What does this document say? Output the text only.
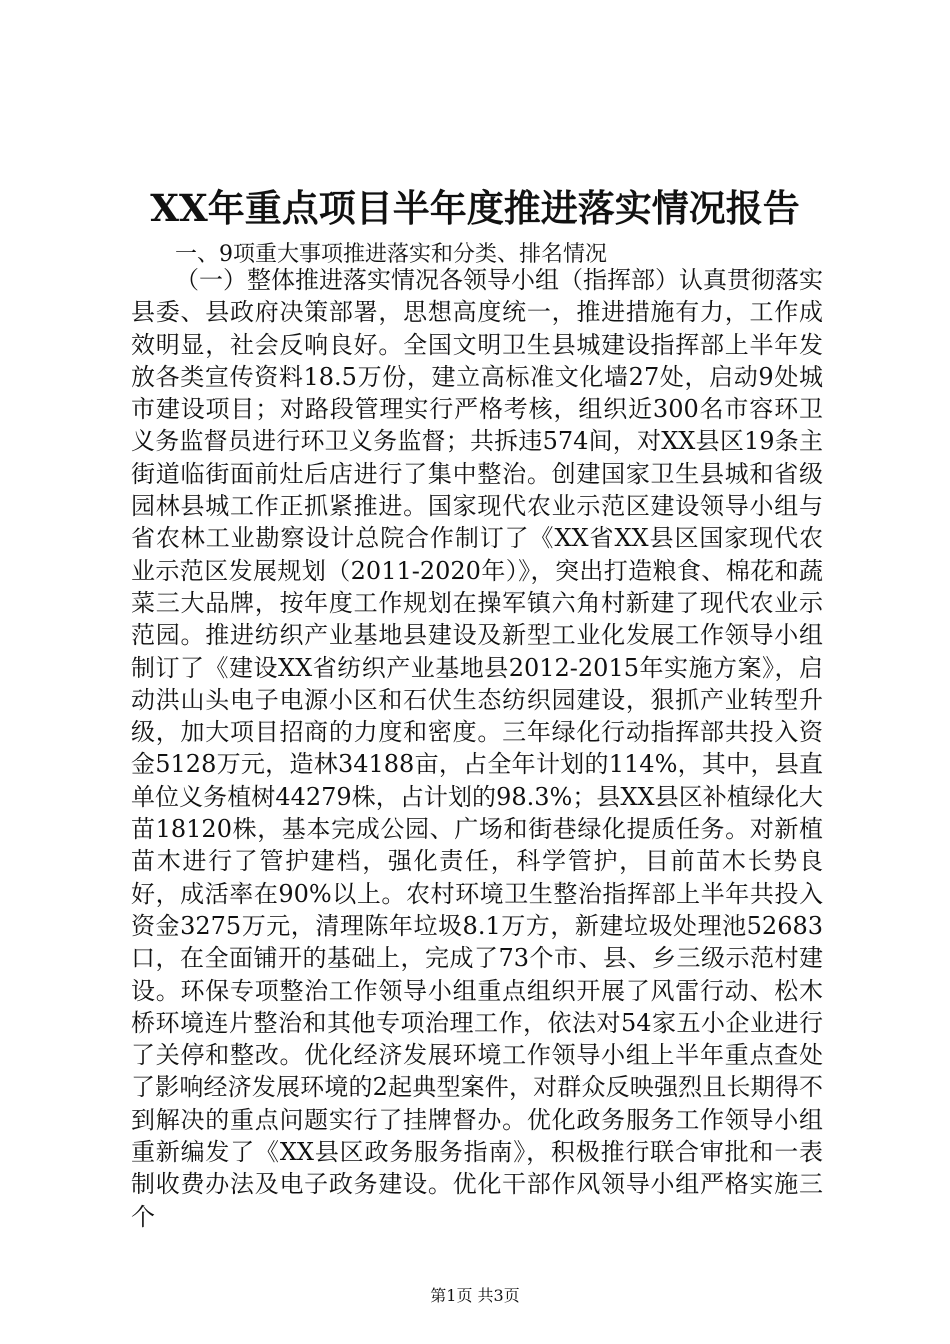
XX年重点项目半年度推进落实情况报告

一、9项重大事项推进落实和分类、排名情况

（一）整体推进落实情况各领导小组（指挥部）认真贯彻落实县委、县政府决策部署，思想高度统一，推进措施有力，工作成效明显，社会反响良好。全国文明卫生县城建设指挥部上半年发放各类宣传资料18.5万份，建立高标准文化墙27处，启动9处城市建设项目；对路段管理实行严格考核，组织近300名市容环卫义务监督员进行环卫义务监督；共拆违574间，对XX县区19条主街道临街面前灶后店进行了集中整治。创建国家卫生县城和省级园林县城工作正抓紧推进。国家现代农业示范区建设领导小组与省农林工业勘察设计总院合作制订了《XX省XX县区国家现代农业示范区发展规划（2011-2020年）》，突出打造粮食、棉花和蔬菜三大品牌，按年度工作规划在操军镇六角村新建了现代农业示范园。推进纺织产业基地县建设及新型工业化发展工作领导小组制订了《建设XX省纺织产业基地县2012-2015年实施方案》，启动洪山头电子电源小区和石伏生态纺织园建设，狠抓产业转型升级，加大项目招商的力度和密度。三年绿化行动指挥部共投入资金5128万元，造林34188亩，占全年计划的114%，其中，县直单位义务植树44279株，占计划的98.3%；县XX县区补植绿化大苗18120株，基本完成公园、广场和街巷绿化提质任务。对新植苗木进行了管护建档，强化责任，科学管护，目前苗木长势良好，成活率在90%以上。农村环境卫生整治指挥部上半年共投入资金3275万元，清理陈年垃圾8.1万方，新建垃圾处理池52683口，在全面铺开的基础上，完成了73个市、县、乡三级示范村建设。环保专项整治工作领导小组重点组织开展了风雷行动、松木桥环境连片整治和其他专项治理工作，依法对54家五小企业进行了关停和整改。优化经济发展环境工作领导小组上半年重点查处了影响经济发展环境的2起典型案件，对群众反映强烈且长期得不到解决的重点问题实行了挂牌督办。优化政务服务工作领导小组重新编发了《XX县区政务服务指南》，积极推行联合审批和一表制收费办法及电子政务建设。优化干部作风领导小组严格实施三个

第1页 共3页
